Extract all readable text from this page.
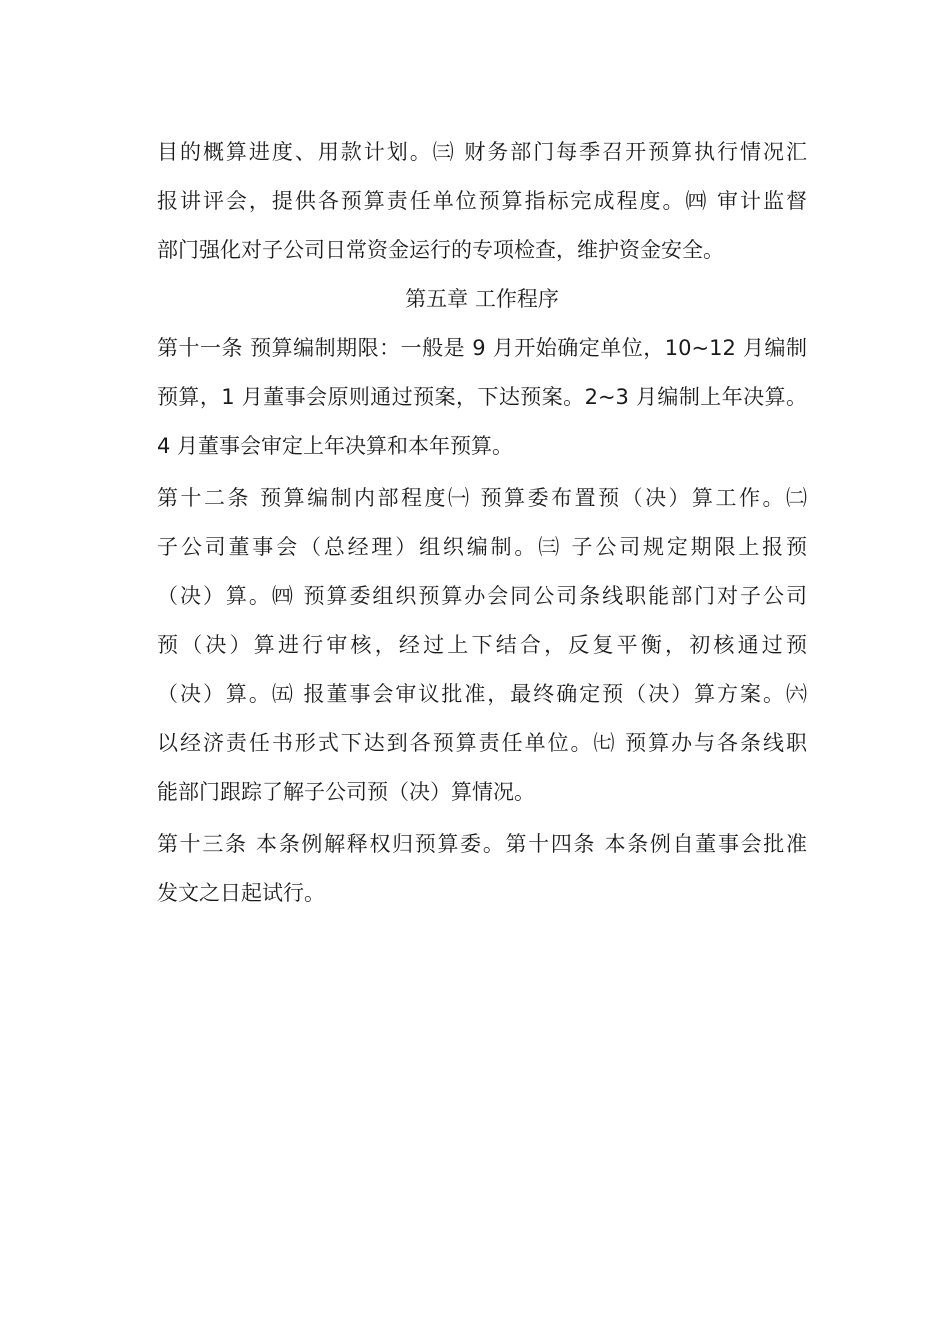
目的概算进度、用款计划。㈢ 财务部门每季召开预算执行情况汇
报讲评会，提供各预算责任单位预算指标完成程度。㈣ 审计监督
部门强化对子公司日常资金运行的专项检查，维护资金安全。
第五章 工作程序
第十一条 预算编制期限：一般是 9 月开始确定单位，10~12 月编制
预算，1 月董事会原则通过预案，下达预案。2~3 月编制上年决算。
4 月董事会审定上年决算和本年预算。
第十二条 预算编制内部程度㈠ 预算委布置预（决）算工作。㈡
子公司董事会（总经理）组织编制。㈢ 子公司规定期限上报预
（决）算。㈣ 预算委组织预算办会同公司条线职能部门对子公司
预（决）算进行审核，经过上下结合，反复平衡，初核通过预
（决）算。㈤ 报董事会审议批准，最终确定预（决）算方案。㈥
以经济责任书形式下达到各预算责任单位。㈦ 预算办与各条线职
能部门跟踪了解子公司预（决）算情况。
第十三条 本条例解释权归预算委。第十四条 本条例自董事会批准
发文之日起试行。
